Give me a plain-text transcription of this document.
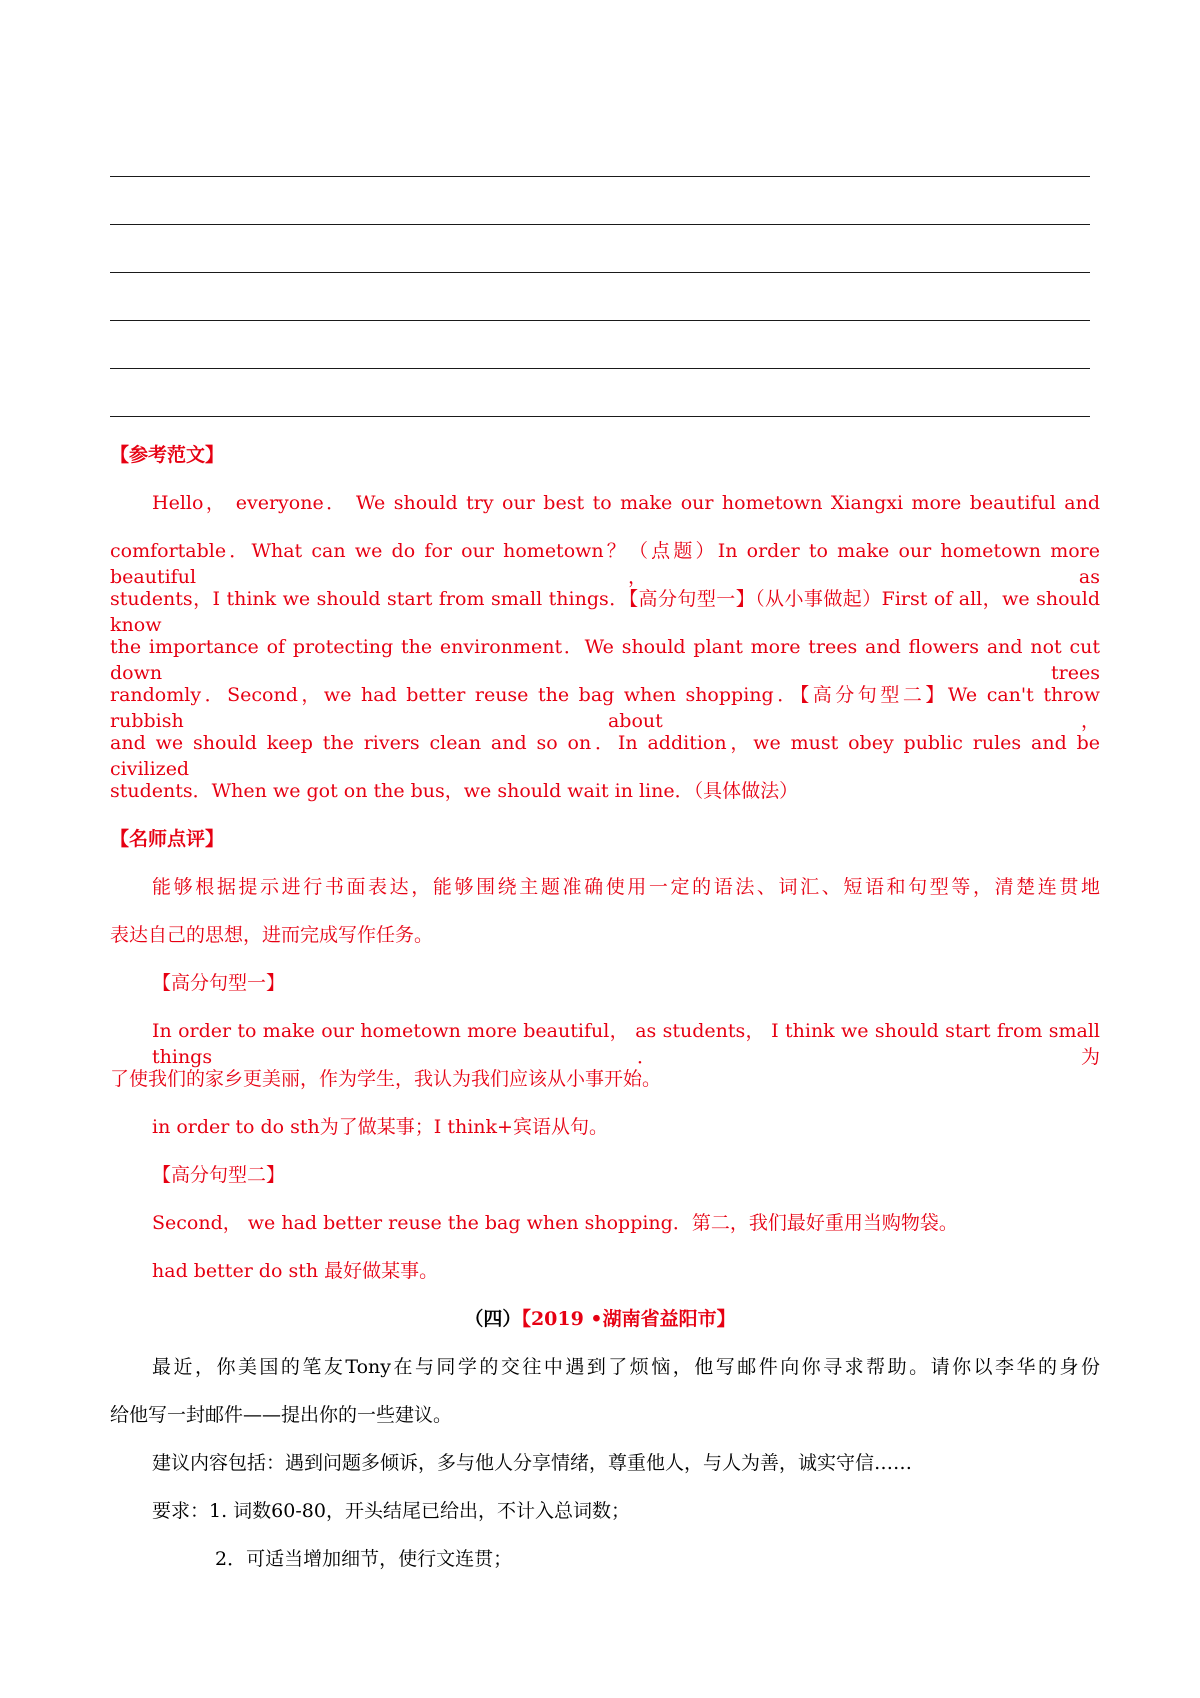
【参考范文】
Hello， everyone． We should try our best to make our hometown Xiangxi more beautiful and
comfortable．What can we do for our hometown？（点题）In order to make our hometown more beautiful，as
students，I think we should start from small things．【高分句型一】（从小事做起）First of all，we should know
the importance of protecting the environment．We should plant more trees and flowers and not cut down trees
randomly．Second，we had better reuse the bag when shopping．【高分句型二】We can't throw rubbish about，
and we should keep the rivers clean and so on．In addition，we must obey public rules and be civilized
students．When we got on the bus，we should wait in line．（具体做法）
【名师点评】
能够根据提示进行书面表达，能够围绕主题准确使用一定的语法、词汇、短语和句型等，清楚连贯地
表达自己的思想，进而完成写作任务。
【高分句型一】
In order to make our hometown more beautiful， as students， I think we should start from small things．为
了使我们的家乡更美丽，作为学生，我认为我们应该从小事开始。
in order to do sth为了做某事；I think+宾语从句。
【高分句型二】
Second， we had better reuse the bag when shopping．第二，我们最好重用当购物袋。
had better do sth 最好做某事。
（四）【2019 •湖南省益阳市】
最近，你美国的笔友Tony在与同学的交往中遇到了烦恼，他写邮件向你寻求帮助。请你以李华的身份
给他写一封邮件——提出你的一些建议。
建议内容包括：遇到问题多倾诉，多与他人分享情绪，尊重他人，与人为善，诚实守信……
要求：1. 词数60-80，开头结尾已给出，不计入总词数；
2．可适当增加细节，使行文连贯；
